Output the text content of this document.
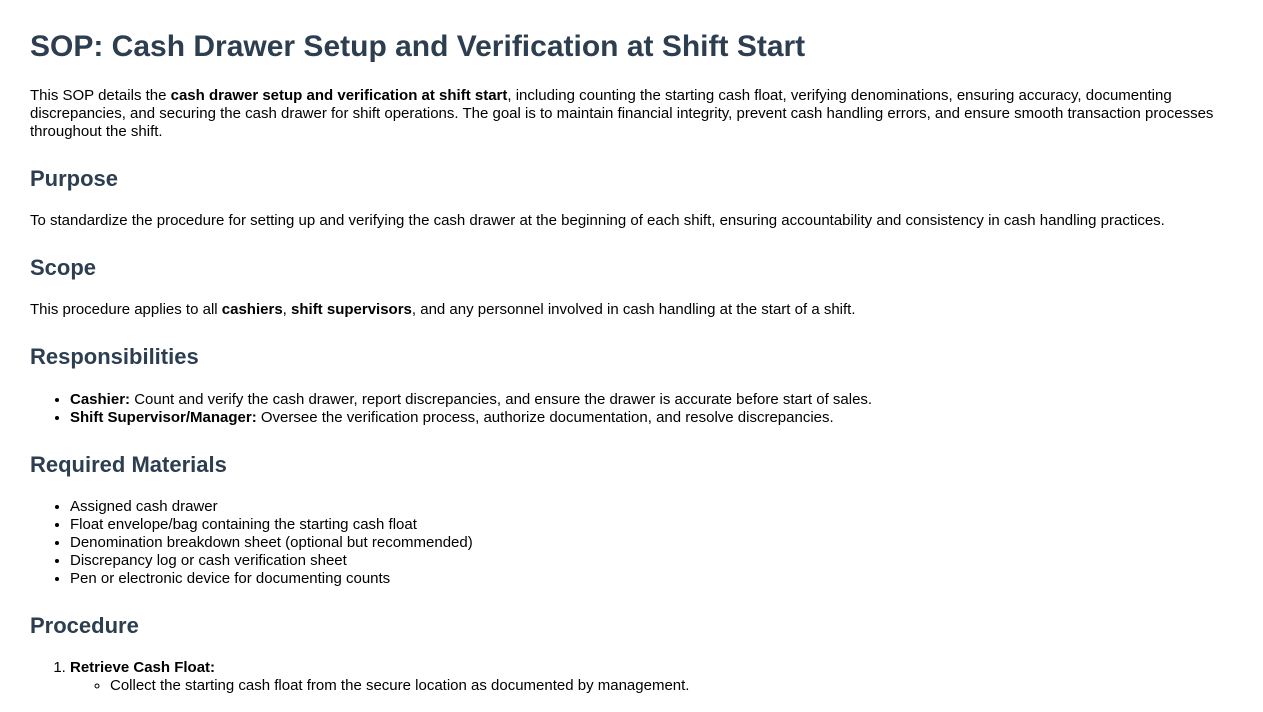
SOP: Cash Drawer Setup and Verification at Shift Start

This SOP details the cash drawer setup and verification at shift start, including counting the starting cash float, verifying denominations, ensuring accuracy, documenting discrepancies, and securing the cash drawer for shift operations. The goal is to maintain financial integrity, prevent cash handling errors, and ensure smooth transaction processes throughout the shift.

Purpose

To standardize the procedure for setting up and verifying the cash drawer at the beginning of each shift, ensuring accountability and consistency in cash handling practices.

Scope

This procedure applies to all cashiers, shift supervisors, and any personnel involved in cash handling at the start of a shift.

Responsibilities
• Cashier: Count and verify the cash drawer, report discrepancies, and ensure the drawer is accurate before start of sales.
• Shift Supervisor/Manager: Oversee the verification process, authorize documentation, and resolve discrepancies.
Required Materials
• Assigned cash drawer
• Float envelope/bag containing the starting cash float
• Denomination breakdown sheet (optional but recommended)
• Discrepancy log or cash verification sheet
• Pen or electronic device for documenting counts
Procedure
1. Retrieve Cash Float:
◦ Collect the starting cash float from the secure location as documented by management.
